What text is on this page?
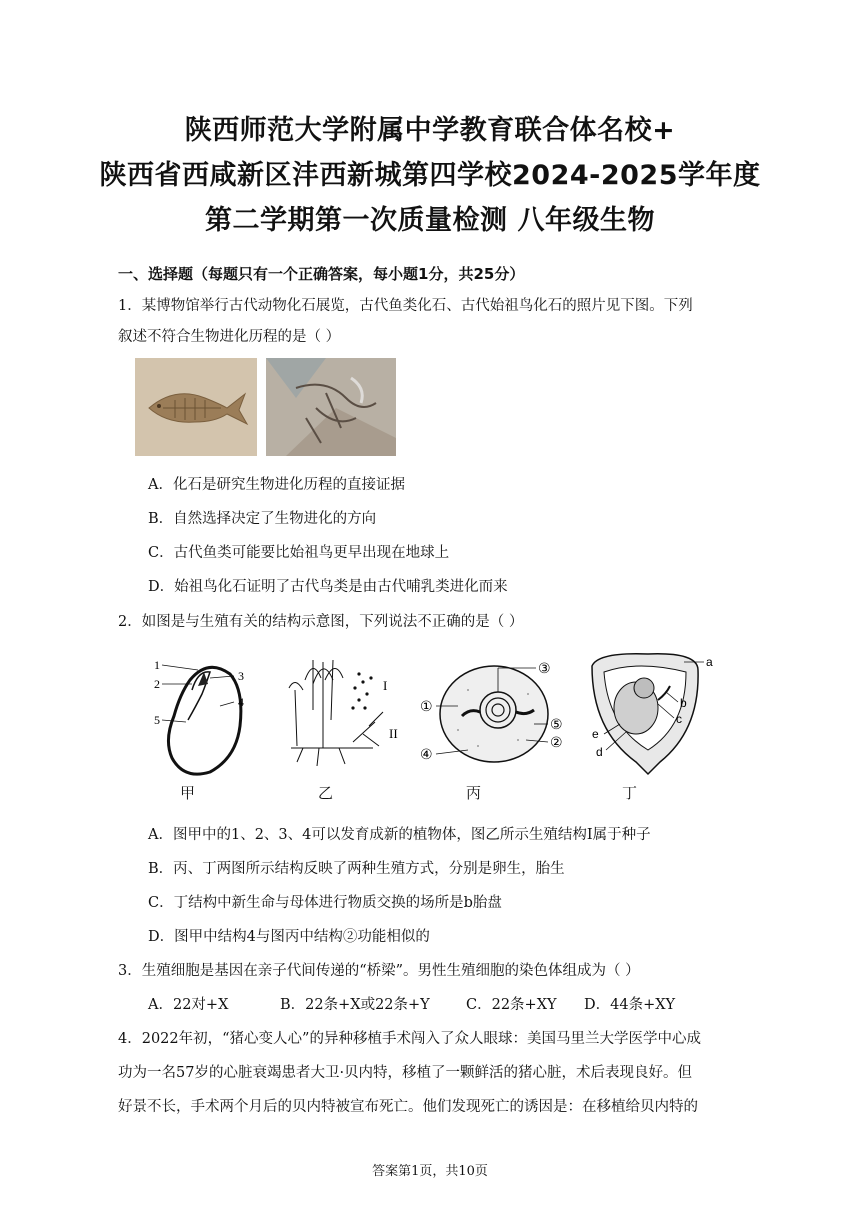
陕西师范大学附属中学教育联合体名校+
陕西省西咸新区沣西新城第四学校2024-2025学年度
第二学期第一次质量检测 八年级生物
一、选择题（每题只有一个正确答案，每小题1分，共25分）
1．某博物馆举行古代动物化石展览，古代鱼类化石、古代始祖鸟化石的照片见下图。下列
叙述不符合生物进化历程的是（ ）
A．化石是研究生物进化历程的直接证据
B．自然选择决定了生物进化的方向
C．古代鱼类可能要比始祖鸟更早出现在地球上
D．始祖鸟化石证明了古代鸟类是由古代哺乳类进化而来
2．如图是与生殖有关的结构示意图，下列说法不正确的是（ ）
1
2
3
4
5
I
II
③
①
⑤
②
④
a
b
c
e
d
甲	乙	丙	丁
A．图甲中的1、2、3、4可以发育成新的植物体，图乙所示生殖结构I属于种子
B．丙、丁两图所示结构反映了两种生殖方式，分别是卵生，胎生
C．丁结构中新生命与母体进行物质交换的场所是b胎盘
D．图甲中结构4与图丙中结构②功能相似的
3．生殖细胞是基因在亲子代间传递的“桥梁”。男性生殖细胞的染色体组成为（ ）
A．22对+X	B．22条+X或22条+Y C．22条+XY D．44条+XY
4．2022年初，“猪心变人心”的异种移植手术闯入了众人眼球：美国马里兰大学医学中心成
功为一名57岁的心脏衰竭患者大卫·贝内特，移植了一颗鲜活的猪心脏，术后表现良好。但
好景不长，手术两个月后的贝内特被宣布死亡。他们发现死亡的诱因是：在移植给贝内特的
答案第1页，共10页
